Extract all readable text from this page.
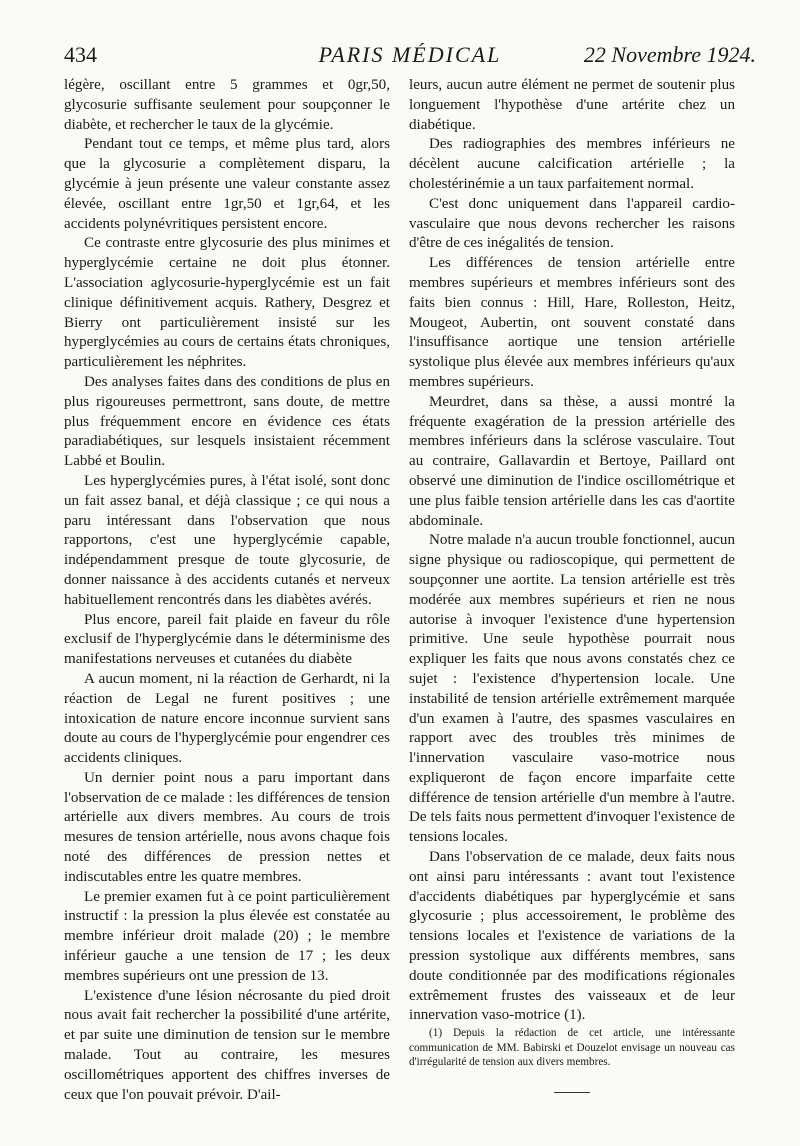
434	PARIS MÉDICAL	22 Novembre 1924.

légère, oscillant entre 5 grammes et 0gr,50, glycosurie suffisante seulement pour soupçonner le diabète, et rechercher le taux de la glycémie.

Pendant tout ce temps, et même plus tard, alors que la glycosurie a complètement disparu, la glycémie à jeun présente une valeur constante assez élevée, oscillant entre 1gr,50 et 1gr,64, et les accidents polynévritiques persistent encore.

Ce contraste entre glycosurie des plus minimes et hyperglycémie certaine ne doit plus étonner. L'association aglycosurie-hyperglycémie est un fait clinique définitivement acquis. Rathery, Desgrez et Bierry ont particulièrement insisté sur les hyperglycémies au cours de certains états chroniques, particulièrement les néphrites.

Des analyses faites dans des conditions de plus en plus rigoureuses permettront, sans doute, de mettre plus fréquemment encore en évidence ces états paradiabétiques, sur lesquels insistaient récemment Labbé et Boulin.

Les hyperglycémies pures, à l'état isolé, sont donc un fait assez banal, et déjà classique ; ce qui nous a paru intéressant dans l'observation que nous rapportons, c'est une hyperglycémie capable, indépendamment presque de toute glycosurie, de donner naissance à des accidents cutanés et nerveux habituellement rencontrés dans les diabètes avérés.

Plus encore, pareil fait plaide en faveur du rôle exclusif de l'hyperglycémie dans le déterminisme des manifestations nerveuses et cutanées du diabète

A aucun moment, ni la réaction de Gerhardt, ni la réaction de Legal ne furent positives ; une intoxication de nature encore inconnue survient sans doute au cours de l'hyperglycémie pour engendrer ces accidents cliniques.

Un dernier point nous a paru important dans l'observation de ce malade : les différences de tension artérielle aux divers membres. Au cours de trois mesures de tension artérielle, nous avons chaque fois noté des différences de pression nettes et indiscutables entre les quatre membres.

Le premier examen fut à ce point particulièrement instructif : la pression la plus élevée est constatée au membre inférieur droit malade (20) ; le membre inférieur gauche a une tension de 17 ; les deux membres supérieurs ont une pression de 13.

L'existence d'une lésion nécrosante du pied droit nous avait fait rechercher la possibilité d'une artérite, et par suite une diminution de tension sur le membre malade. Tout au contraire, les mesures oscillométriques apportent des chiffres inverses de ceux que l'on pouvait prévoir. D'ail-

leurs, aucun autre élément ne permet de soutenir plus longuement l'hypothèse d'une artérite chez un diabétique.

Des radiographies des membres inférieurs ne décèlent aucune calcification artérielle ; la cholestérinémie a un taux parfaitement normal.

C'est donc uniquement dans l'appareil cardio-vasculaire que nous devons rechercher les raisons d'être de ces inégalités de tension.

Les différences de tension artérielle entre membres supérieurs et membres inférieurs sont des faits bien connus : Hill, Hare, Rolleston, Heitz, Mougeot, Aubertin, ont souvent constaté dans l'insuffisance aortique une tension artérielle systolique plus élevée aux membres inférieurs qu'aux membres supérieurs.

Meurdret, dans sa thèse, a aussi montré la fréquente exagération de la pression artérielle des membres inférieurs dans la sclérose vasculaire. Tout au contraire, Gallavardin et Bertoye, Paillard ont observé une diminution de l'indice oscillométrique et une plus faible tension artérielle dans les cas d'aortite abdominale.

Notre malade n'a aucun trouble fonctionnel, aucun signe physique ou radioscopique, qui permettent de soupçonner une aortite. La tension artérielle est très modérée aux membres supérieurs et rien ne nous autorise à invoquer l'existence d'une hypertension primitive. Une seule hypothèse pourrait nous expliquer les faits que nous avons constatés chez ce sujet : l'existence d'hypertension locale. Une instabilité de tension artérielle extrêmement marquée d'un examen à l'autre, des spasmes vasculaires en rapport avec des troubles très minimes de l'innervation vasculaire vaso-motrice nous expliqueront de façon encore imparfaite cette différence de tension artérielle d'un membre à l'autre. De tels faits nous permettent d'invoquer l'existence de tensions locales.

Dans l'observation de ce malade, deux faits nous ont ainsi paru intéressants : avant tout l'existence d'accidents diabétiques par hyperglycémie et sans glycosurie ; plus accessoirement, le problème des tensions locales et l'existence de variations de la pression systolique aux différents membres, sans doute conditionnée par des modifications régionales extrêmement frustes des vaisseaux et de leur innervation vaso-motrice (1).

(1) Depuis la rédaction de cet article, une intéressante communication de MM. Babirski et Douzelot envisage un nouveau cas d'irrégularité de tension aux divers membres.
